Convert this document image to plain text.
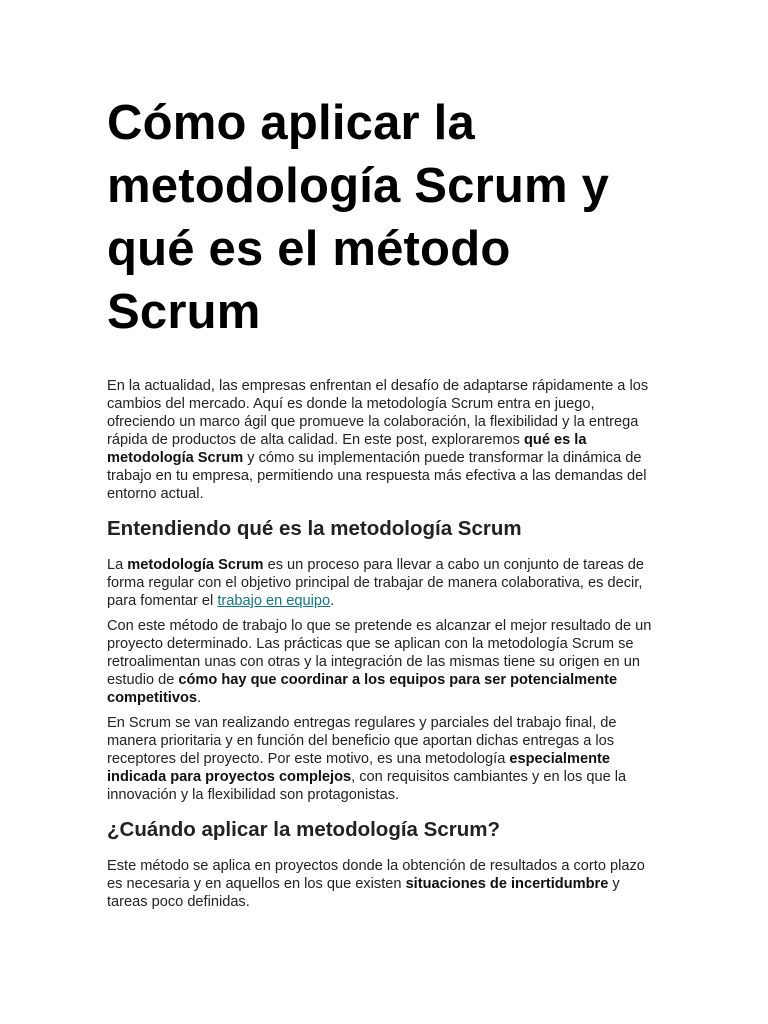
Cómo aplicar la metodología Scrum y qué es el método Scrum

En la actualidad, las empresas enfrentan el desafío de adaptarse rápidamente a los cambios del mercado. Aquí es donde la metodología Scrum entra en juego, ofreciendo un marco ágil que promueve la colaboración, la flexibilidad y la entrega rápida de productos de alta calidad. En este post, exploraremos qué es la metodología Scrum y cómo su implementación puede transformar la dinámica de trabajo en tu empresa, permitiendo una respuesta más efectiva a las demandas del entorno actual.

Entendiendo qué es la metodología Scrum

La metodología Scrum es un proceso para llevar a cabo un conjunto de tareas de forma regular con el objetivo principal de trabajar de manera colaborativa, es decir, para fomentar el trabajo en equipo.

Con este método de trabajo lo que se pretende es alcanzar el mejor resultado de un proyecto determinado. Las prácticas que se aplican con la metodología Scrum se retroalimentan unas con otras y la integración de las mismas tiene su origen en un estudio de cómo hay que coordinar a los equipos para ser potencialmente competitivos.

En Scrum se van realizando entregas regulares y parciales del trabajo final, de manera prioritaria y en función del beneficio que aportan dichas entregas a los receptores del proyecto. Por este motivo, es una metodología especialmente indicada para proyectos complejos, con requisitos cambiantes y en los que la innovación y la flexibilidad son protagonistas.

¿Cuándo aplicar la metodología Scrum?

Este método se aplica en proyectos donde la obtención de resultados a corto plazo es necesaria y en aquellos en los que existen situaciones de incertidumbre y tareas poco definidas.
